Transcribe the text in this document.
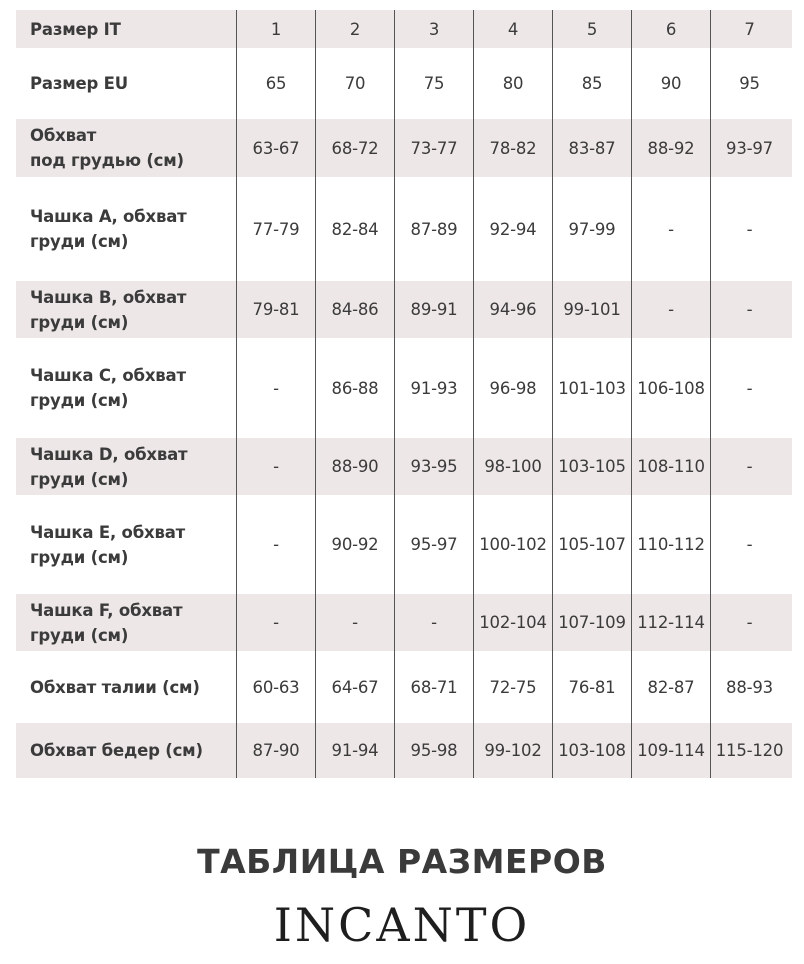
Размер IT	1	2	3	4	5	6	7
Размер EU	65	70	75	80	85	90	95
Обхват
под грудью (см)
63-67	68-72	73-77	78-82	83-87	88-92	93-97
Чашка А, обхват
груди (см)
77-79	82-84	87-89	92-94	97-99	-	-
Чашка В, обхват
груди (см)
79-81	84-86	89-91	94-96	99-101	-	-
Чашка С, обхват
груди (см)
-	86-88	91-93	96-98	101-103 106-108	-
Чашка D, обхват
груди (см)
-	88-90	93-95	98-100	103-105 108-110	-
Чашка Е, обхват
груди (см)
-	90-92	95-97	100-102 105-107 110-112	-
Чашка F, обхват
груди (см)
-	-	-	102-104 107-109 112-114	-
Обхват талии (см)	60-63	64-67	68-71	72-75	76-81	82-87	88-93
Обхват бедер (см)	87-90	91-94	95-98	99-102	103-108 109-114 115-120
ТАБЛИЦА РАЗМЕРОВ
INCANTO
